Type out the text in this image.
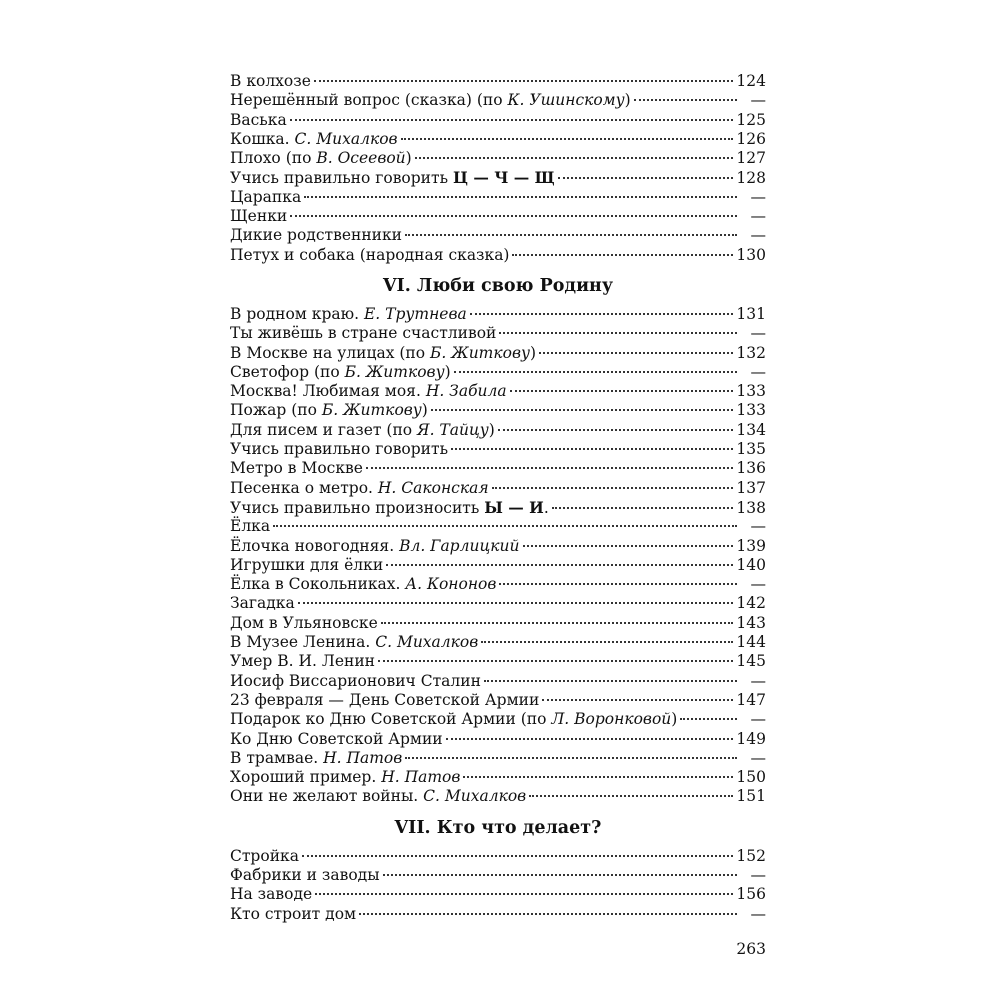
В колхозе	124
Нерешённый вопрос (сказка) (по К. Ушинскому)	—
Васька	125
Кошка. С. Михалков	126
Плохо (по В. Осеевой)	127
Учись правильно говорить Ц — Ч — Щ	128
Царапка	—
Щенки	—
Дикие родственники	—
Петух и собака (народная сказка)	130
VI. Люби свою Родину
В родном краю. Е. Трутнева	131
Ты живёшь в стране счастливой	—
В Москве на улицах (по Б. Житкову)	132
Светофор (по Б. Житкову)	—
Москва! Любимая моя. Н. Забила	133
Пожар (по Б. Житкову)	133
Для писем и газет (по Я. Тайцу)	134
Учись правильно говорить	135
Метро в Москве	136
Песенка о метро. Н. Саконская	137
Учись правильно произносить Ы — И.	138
Ёлка	—
Ёлочка новогодняя. Вл. Гарлицкий	139
Игрушки для ёлки	140
Ёлка в Сокольниках. А. Кононов	—
Загадка	142
Дом в Ульяновске	143
В Музее Ленина. С. Михалков	144
Умер В. И. Ленин	145
Иосиф Виссарионович Сталин	—
23 февраля — День Советской Армии	147
Подарок ко Дню Советской Армии (по Л. Воронковой)	—
Ко Дню Советской Армии	149
В трамвае. Н. Патов	—
Хороший пример. Н. Патов	150
Они не желают войны. С. Михалков	151
VII. Кто что делает?
Стройка	152
Фабрики и заводы	—
На заводе	156
Кто строит дом	—
263
